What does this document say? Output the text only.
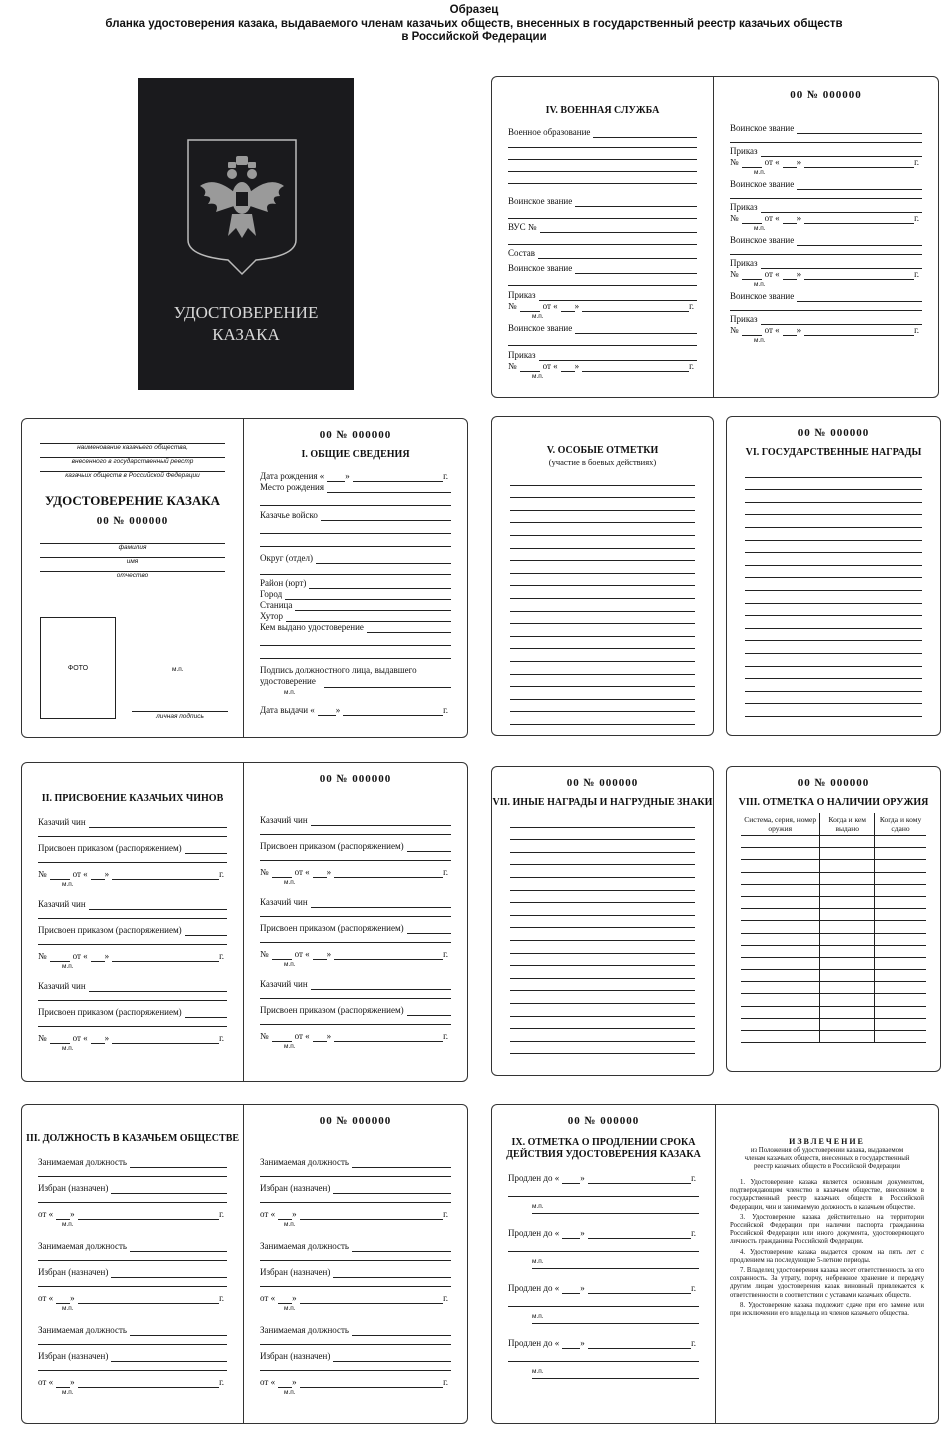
Образец
бланка удостоверения казака, выдаваемого членам казачьих обществ, внесенных в государственный реестр казачьих обществ
в Российской Федерации
УДОСТОВЕРЕНИЕ
КАЗАКА
IV. ВОЕННАЯ СЛУЖБА
Военное образование
Воинское звание
ВУС №
Состав
Воинское звание
Приказ
№	от « »	г.
м.п.
Воинское звание
Приказ
№	от « »	г.
м.п.
00 № 000000
Воинское звание
Приказ
№	от « »	г.
м.п.
Воинское звание
Приказ
№	от « »	г.
м.п.
Воинское звание
Приказ
№	от « »	г.
м.п.
Воинское звание
Приказ
№	от « »	г.
м.п.
наименование казачьего общества,
внесенного в государственный реестр
казачьих обществ в Российской Федерации
УДОСТОВЕРЕНИЕ КАЗАКА
00 № 000000
фамилия
имя
отчество
ФОТО	м.п.
личная подпись
00 № 000000
I. ОБЩИЕ СВЕДЕНИЯ
Дата рождения « »	г.
Место рождения
Казачье войско
Округ (отдел)
Район (юрт)
Город
Станица
Хутор
Кем выдано удостоверение
Подпись должностного лица, выдавшего удостоверение
м.п.
Дата выдачи « »	г.
V. ОСОБЫЕ ОТМЕТКИ
(участие в боевых действиях)
00 № 000000
VI. ГОСУДАРСТВЕННЫЕ НАГРАДЫ
II. ПРИСВОЕНИЕ КАЗАЧЬИХ ЧИНОВ
Казачий чин
Присвоен приказом (распоряжением)
№	от « »	г.
м.п.
Казачий чин
Присвоен приказом (распоряжением)
№	от « »	г.
м.п.
Казачий чин
Присвоен приказом (распоряжением)
№	от « »	г.
м.п.
00 № 000000
Казачий чин
Присвоен приказом (распоряжением)
№	от « »	г.
м.п.
Казачий чин
Присвоен приказом (распоряжением)
№	от « »	г.
м.п.
Казачий чин
Присвоен приказом (распоряжением)
№	от « »	г.
м.п.
00 № 000000
VII. ИНЫЕ НАГРАДЫ И НАГРУДНЫЕ ЗНАКИ
00 № 000000
VIII. ОТМЕТКА О НАЛИЧИИ ОРУЖИЯ
Система, серия, номер оружия	Когда и кем выдано	Когда и кому сдано

III. ДОЛЖНОСТЬ В КАЗАЧЬЕМ ОБЩЕСТВЕ
Занимаемая должность
Избран (назначен)
от « »	г.
м.п.
Занимаемая должность
Избран (назначен)
от « »	г.
м.п.
Занимаемая должность
Избран (назначен)
от « »	г.
м.п.
00 № 000000
Занимаемая должность
Избран (назначен)
от « »	г.
м.п.
Занимаемая должность
Избран (назначен)
от « »	г.
м.п.
Занимаемая должность
Избран (назначен)
от « »	г.
м.п.
00 № 000000
IX. ОТМЕТКА О ПРОДЛЕНИИ СРОКА
ДЕЙСТВИЯ УДОСТОВЕРЕНИЯ КАЗАКА
Продлен до « »	г.
м.п.
Продлен до « »	г.
м.п.
Продлен до « »	г.
м.п.
Продлен до « »	г.
м.п.
ИЗВЛЕЧЕНИЕ
из Положения об удостоверении казака, выдаваемом членам казачьих обществ, внесенных в государственный реестр казачьих обществ в Российской Федерации
1. Удостоверение казака является основным документом, подтверждающим членство в казачьем обществе, внесенном в государственный реестр казачьих обществ в Российской Федерации, чин и занимаемую должность в казачьем обществе.
3. Удостоверение казака действительно на территории Российской Федерации при наличии паспорта гражданина Российской Федерации или иного документа, удостоверяющего личность гражданина Российской Федерации.
4. Удостоверение казака выдается сроком на пять лет с продлением на последующие 5-летние периоды.
7. Владелец удостоверения казака несет ответственность за его сохранность. За утрату, порчу, небрежное хранение и передачу другим лицам удостоверения казак виновный привлекается к ответственности в соответствии с уставами казачьих обществ.
8. Удостоверение казака подлежит сдаче при его замене или при исключении его владельца из членов казачьего общества.
